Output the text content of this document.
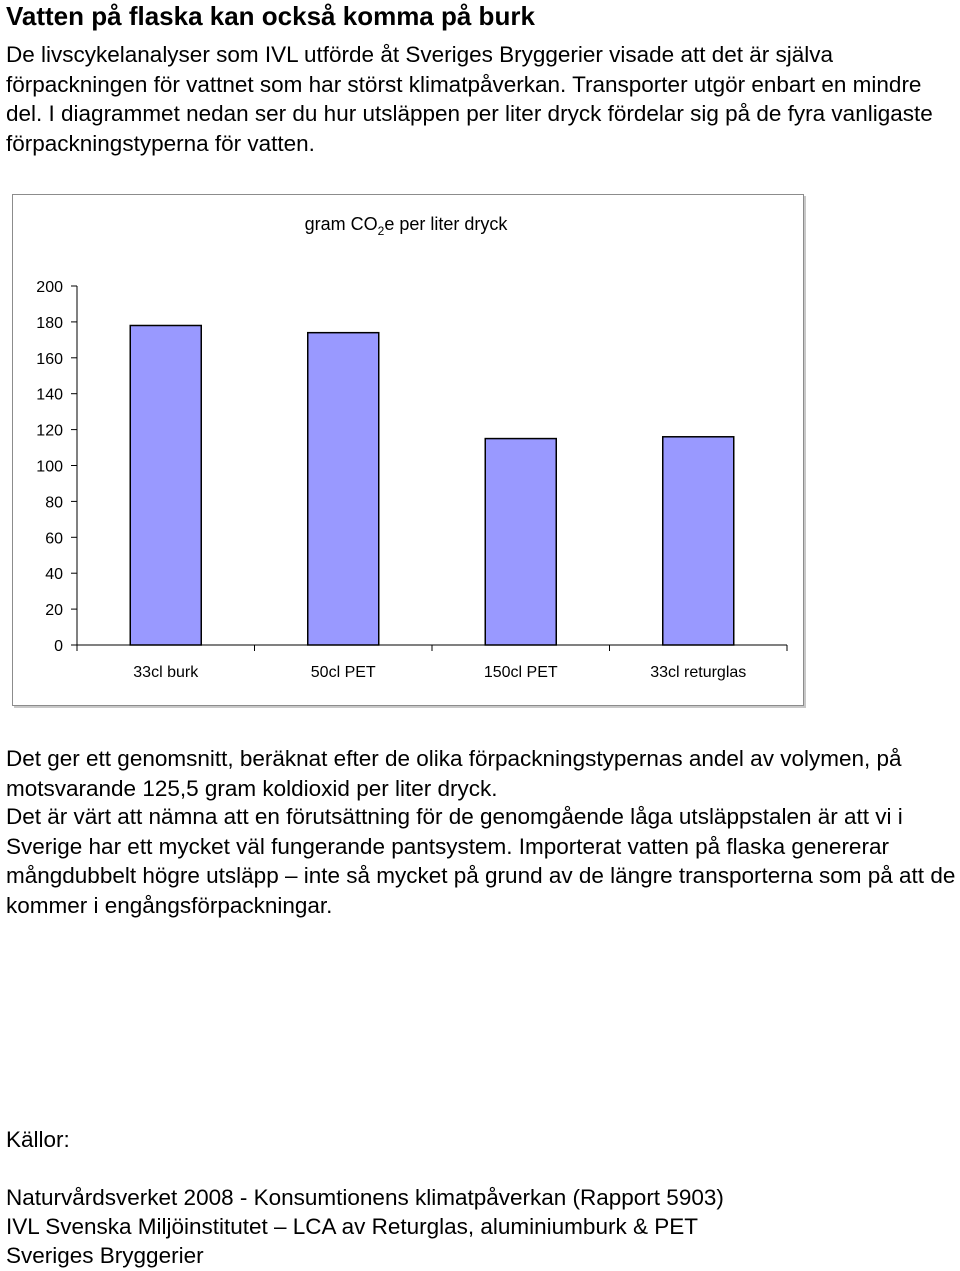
Vatten på flaska kan också komma på burk

De livscykelanalyser som IVL utförde åt Sveriges Bryggerier visade att det är själva förpackningen för vattnet som har störst klimatpåverkan. Transporter utgör enbart en mindre del. I diagrammet nedan ser du hur utsläppen per liter dryck fördelar sig på de fyra vanligaste förpackningstyperna för vatten.

gram $CO_2e$ per liter dryck
0
20
40
60
80
100
120
140
160
180
200
33cl burk	50cl PET	150cl PET	33cl returglas

Det ger ett genomsnitt, beräknat efter de olika förpackningstypernas andel av volymen, på motsvarande 125,5 gram koldioxid per liter dryck.

Det är värt att nämna att en förutsättning för de genomgående låga utsläppstalen är att vi i Sverige har ett mycket väl fungerande pantsystem. Importerat vatten på flaska genererar mångdubbelt högre utsläpp – inte så mycket på grund av de längre transporterna som på att de kommer i engångsförpackningar.

Källor:

Naturvårdsverket 2008 - Konsumtionens klimatpåverkan (Rapport 5903)

IVL Svenska Miljöinstitutet – LCA av Returglas, aluminiumburk & PET

Sveriges Bryggerier
